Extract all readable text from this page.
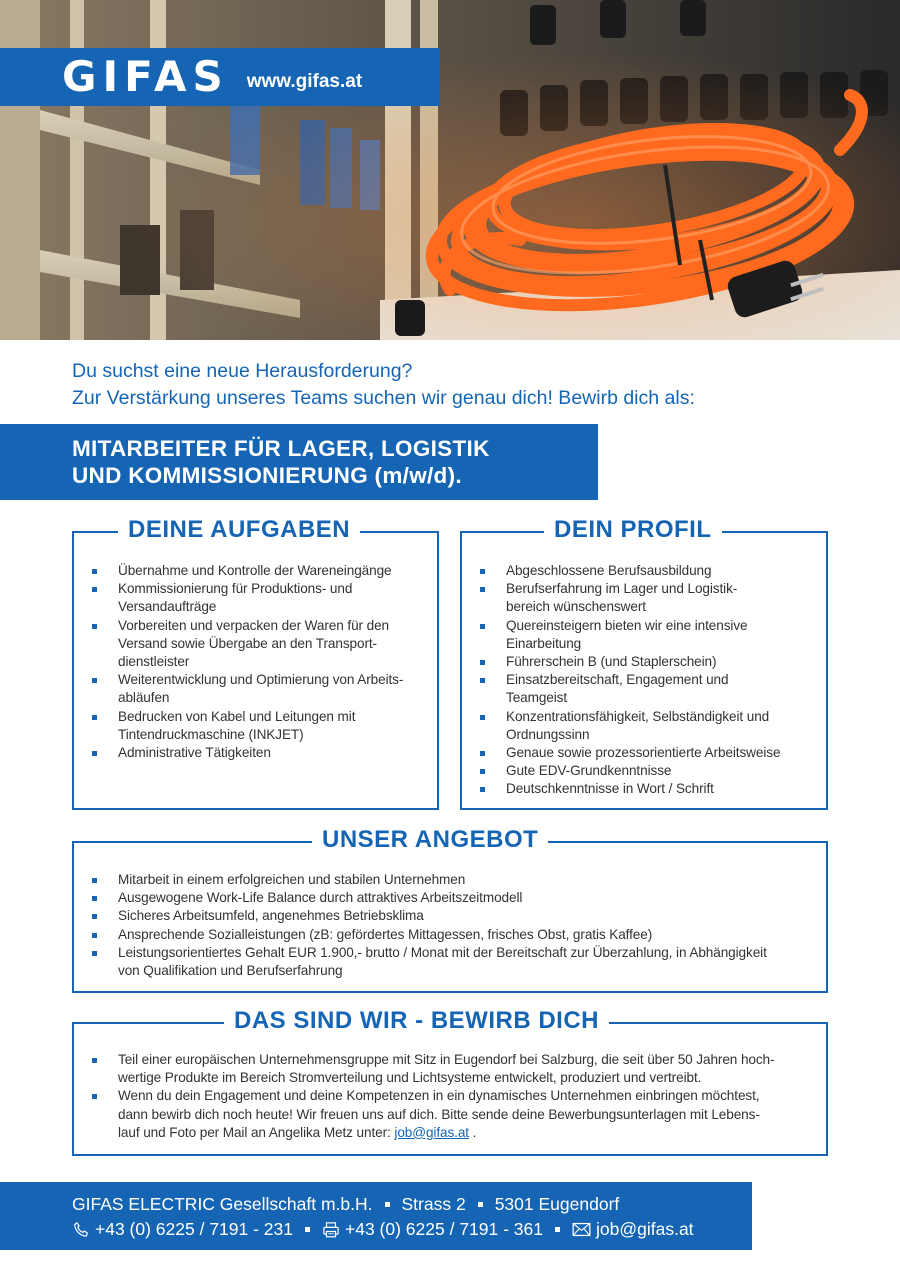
GIFAS www.gifas.at
Du suchst eine neue Herausforderung?
Zur Verstärkung unseres Teams suchen wir genau dich! Bewirb dich als:
MITARBEITER FÜR LAGER, LOGISTIK
UND KOMMISSIONIERUNG (m/w/d).
DEINE AUFGABEN
Übernahme und Kontrolle der Wareneingänge
Kommissionierung für Produktions- und
Versandaufträge
Vorbereiten und verpacken der Waren für den
Versand sowie Übergabe an den Transport-
dienstleister
Weiterentwicklung und Optimierung von Arbeits-
abläufen
Bedrucken von Kabel und Leitungen mit
Tintendruckmaschine (INKJET)
Administrative Tätigkeiten
DEIN PROFIL
Abgeschlossene Berufsausbildung
Berufserfahrung im Lager und Logistik-
bereich wünschenswert
Quereinsteigern bieten wir eine intensive
Einarbeitung
Führerschein B (und Staplerschein)
Einsatzbereitschaft, Engagement und
Teamgeist
Konzentrationsfähigkeit, Selbständigkeit und
Ordnungssinn
Genaue sowie prozessorientierte Arbeitsweise
Gute EDV-Grundkenntnisse
Deutschkenntnisse in Wort / Schrift
UNSER ANGEBOT
Mitarbeit in einem erfolgreichen und stabilen Unternehmen
Ausgewogene Work-Life Balance durch attraktives Arbeitszeitmodell
Sicheres Arbeitsumfeld, angenehmes Betriebsklima
Ansprechende Sozialleistungen (zB: gefördertes Mittagessen, frisches Obst, gratis Kaffee)
Leistungsorientiertes Gehalt EUR 1.900,- brutto / Monat mit der Bereitschaft zur Überzahlung, in Abhängigkeit
von Qualifikation und Berufserfahrung
DAS SIND WIR - BEWIRB DICH
Teil einer europäischen Unternehmensgruppe mit Sitz in Eugendorf bei Salzburg, die seit über 50 Jahren hoch-
wertige Produkte im Bereich Stromverteilung und Lichtsysteme entwickelt, produziert und vertreibt.
Wenn du dein Engagement und deine Kompetenzen in ein dynamisches Unternehmen einbringen möchtest,
dann bewirb dich noch heute! Wir freuen uns auf dich. Bitte sende deine Bewerbungsunterlagen mit Lebens-
lauf und Foto per Mail an Angelika Metz unter: job@gifas.at .
GIFAS ELECTRIC Gesellschaft m.b.H. Strass 2 5301 Eugendorf
+43 (0) 6225 / 7191 - 231	+43 (0) 6225 / 7191 - 361	job@gifas.at
